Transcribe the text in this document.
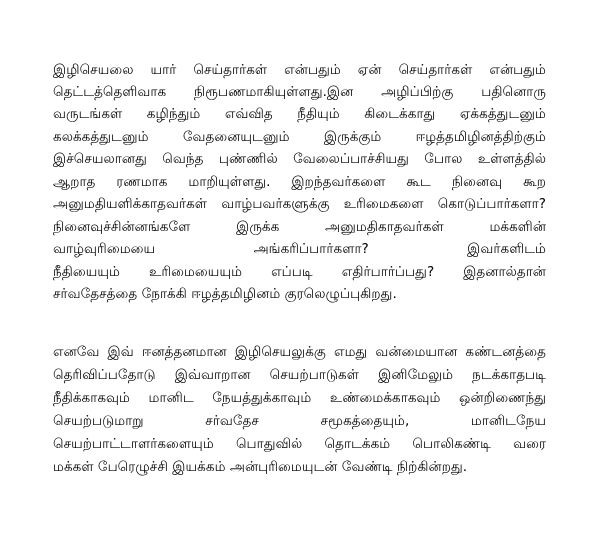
இழிசெயலை யார் செய்தார்கள் என்பதும் ஏன் செய்தார்கள் என்பதும்
தெட்டத்தெளிவாக நிரூபணமாகியுள்ளது.இன அழிப்பிற்கு பதினொரு
வருடங்கள் கழிந்தும் எவ்வித நீதியும் கிடைக்காது ஏக்கத்துடனும்
கலக்கத்துடனும் வேதனையுடனும் இருக்கும் ஈழத்தமிழினத்திற்கும்
இச்செயலானது வெந்த புண்ணில் வேலைப்பாச்சியது போல உள்ளத்தில்
ஆறாத ரணமாக மாறியுள்ளது. இறந்தவர்களை கூட நினைவு கூற
அனுமதியளிக்காதவர்கள் வாழ்பவர்களுக்கு உரிமைகளை கொடுப்பார்களா?
நினைவுச்சின்னங்களே இருக்க அனுமதிகாதவர்கள் மக்களின்
வாழ்வுரிமையை அங்கரிப்பார்களா? இவர்களிடம்
நீதியையும் உரிமையையும் எப்படி எதிர்பார்ப்பது? இதனால்தான்
சர்வதேசத்தை நோக்கி ஈழத்தமிழினம் குரலெழுப்புகிறது.
எனவே இவ் ஈனத்தனமான இழிசெயலுக்கு எமது வன்மையான கண்டனத்தை
தெரிவிப்பதோடு இவ்வாறான செயற்பாடுகள் இனிமேலும் நடக்காதபடி
நீதிக்காகவும் மானிட நேயத்துக்காவும் உண்மைக்காகவும் ஒன்றிணைந்து
செயற்படுமாறு சர்வதேச சமூகத்தையும், மானிடநேய
செயற்பாட்டாளர்களையும் பொதுவில் தொடக்கம் பொலிகண்டி வரை
மக்கள் பேரெழுச்சி இயக்கம் அன்புரிமையுடன் வேண்டி நிற்கின்றது.
